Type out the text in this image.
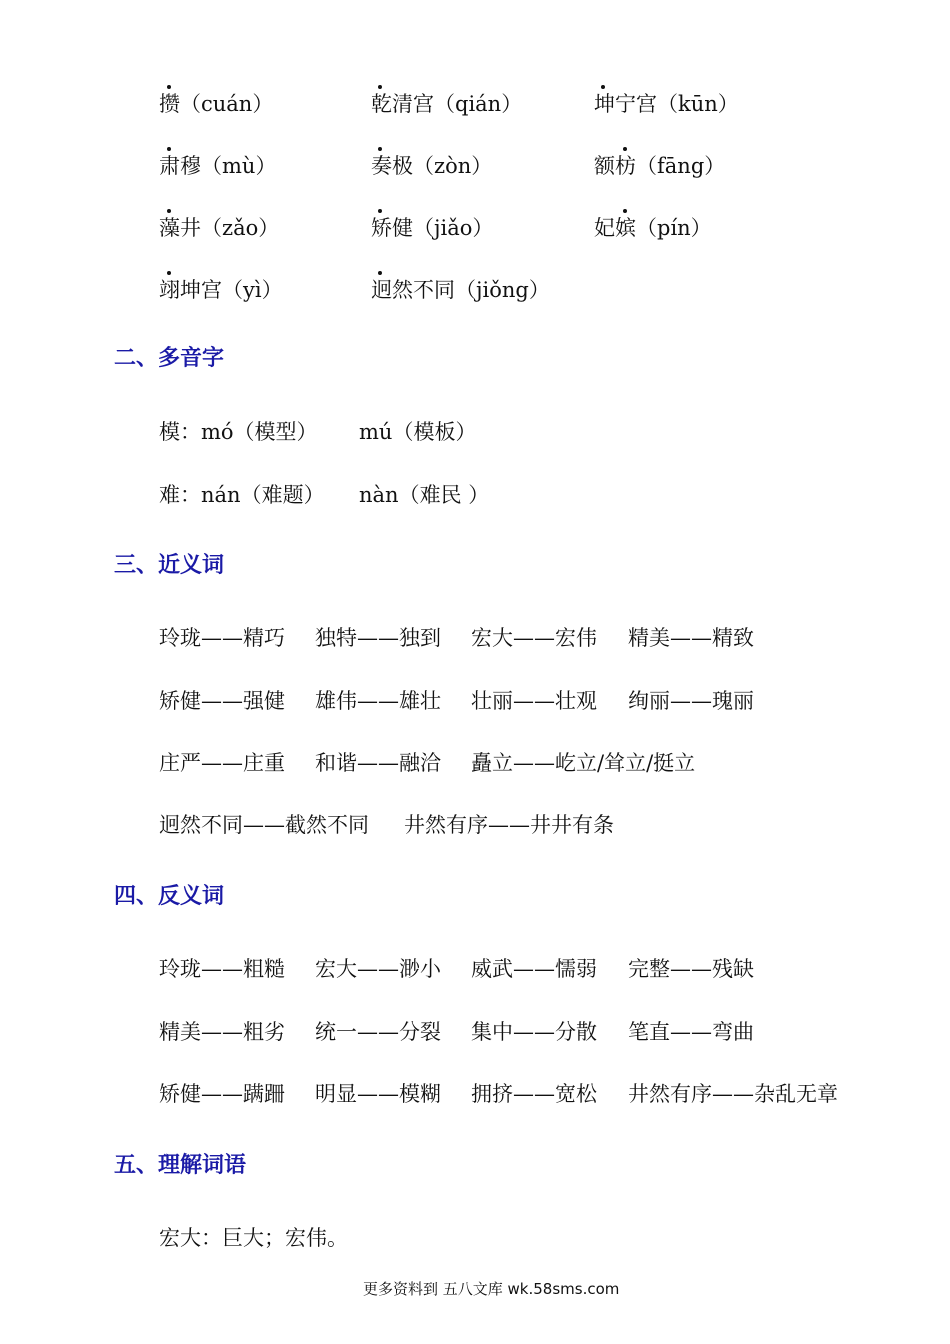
攒（cuán）	乾清宫（qián）	坤宁宫（kūn）
肃穆（mù）	奏极（zòn）	额枋（fāng）
藻井（zǎo）	矫健（jiǎo）	妃嫔（pín）
翊坤宫（yì）	迥然不同（jiǒng）
二、多音字
模：mó（模型） mú（模板）
难：nán（难题） nàn（难民 ）
三、近义词
玲珑——精巧 独特——独到 宏大——宏伟 精美——精致
矫健——强健 雄伟——雄壮 壮丽——壮观 绚丽——瑰丽
庄严——庄重 和谐——融洽 矗立——屹立/耸立/挺立
迥然不同——截然不同 井然有序——井井有条
四、反义词
玲珑——粗糙 宏大——渺小 威武——懦弱 完整——残缺
精美——粗劣 统一——分裂 集中——分散 笔直——弯曲
矫健——蹒跚 明显——模糊 拥挤——宽松 井然有序——杂乱无章
五、理解词语
宏大：巨大；宏伟。
更多资料到 五八文库 wk.58sms.com
